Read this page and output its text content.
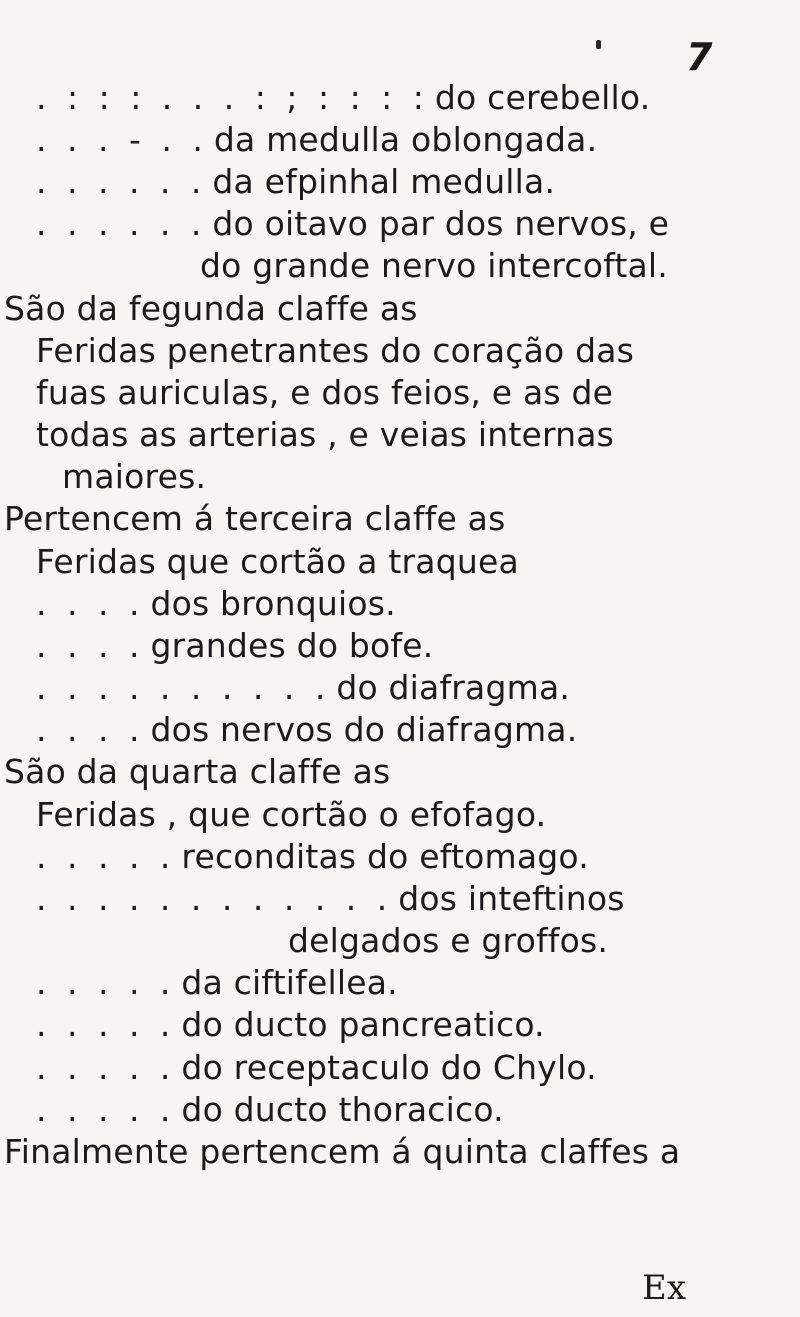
7
. : : : . . . : ; : : : : do cerebello.
. . . - . . da medulla oblongada.
. . . . . . da efpinhal medulla.
. . . . . . do oitavo par dos nervos, e
do grande nervo intercoftal.
São da fegunda claffe as
Feridas penetrantes do coração das
fuas auriculas, e dos feios, e as de
todas as arterias , e veias internas
maiores.
Pertencem á terceira claffe as
Feridas que cortão a traquea
. . . . dos bronquios.
. . . . grandes do bofe.
. . . . . . . . . . do diafragma.
. . . . dos nervos do diafragma.
São da quarta claffe as
Feridas , que cortão o efofago.
. . . . . reconditas do eftomago.
. . . . . . . . . . . . dos inteftinos
delgados e groffos.
. . . . . da ciftifellea.
. . . . . do ducto pancreatico.
. . . . . do receptaculo do Chylo.
. . . . . do ducto thoracico.
Finalmente pertencem á quinta claffes a
Ex
